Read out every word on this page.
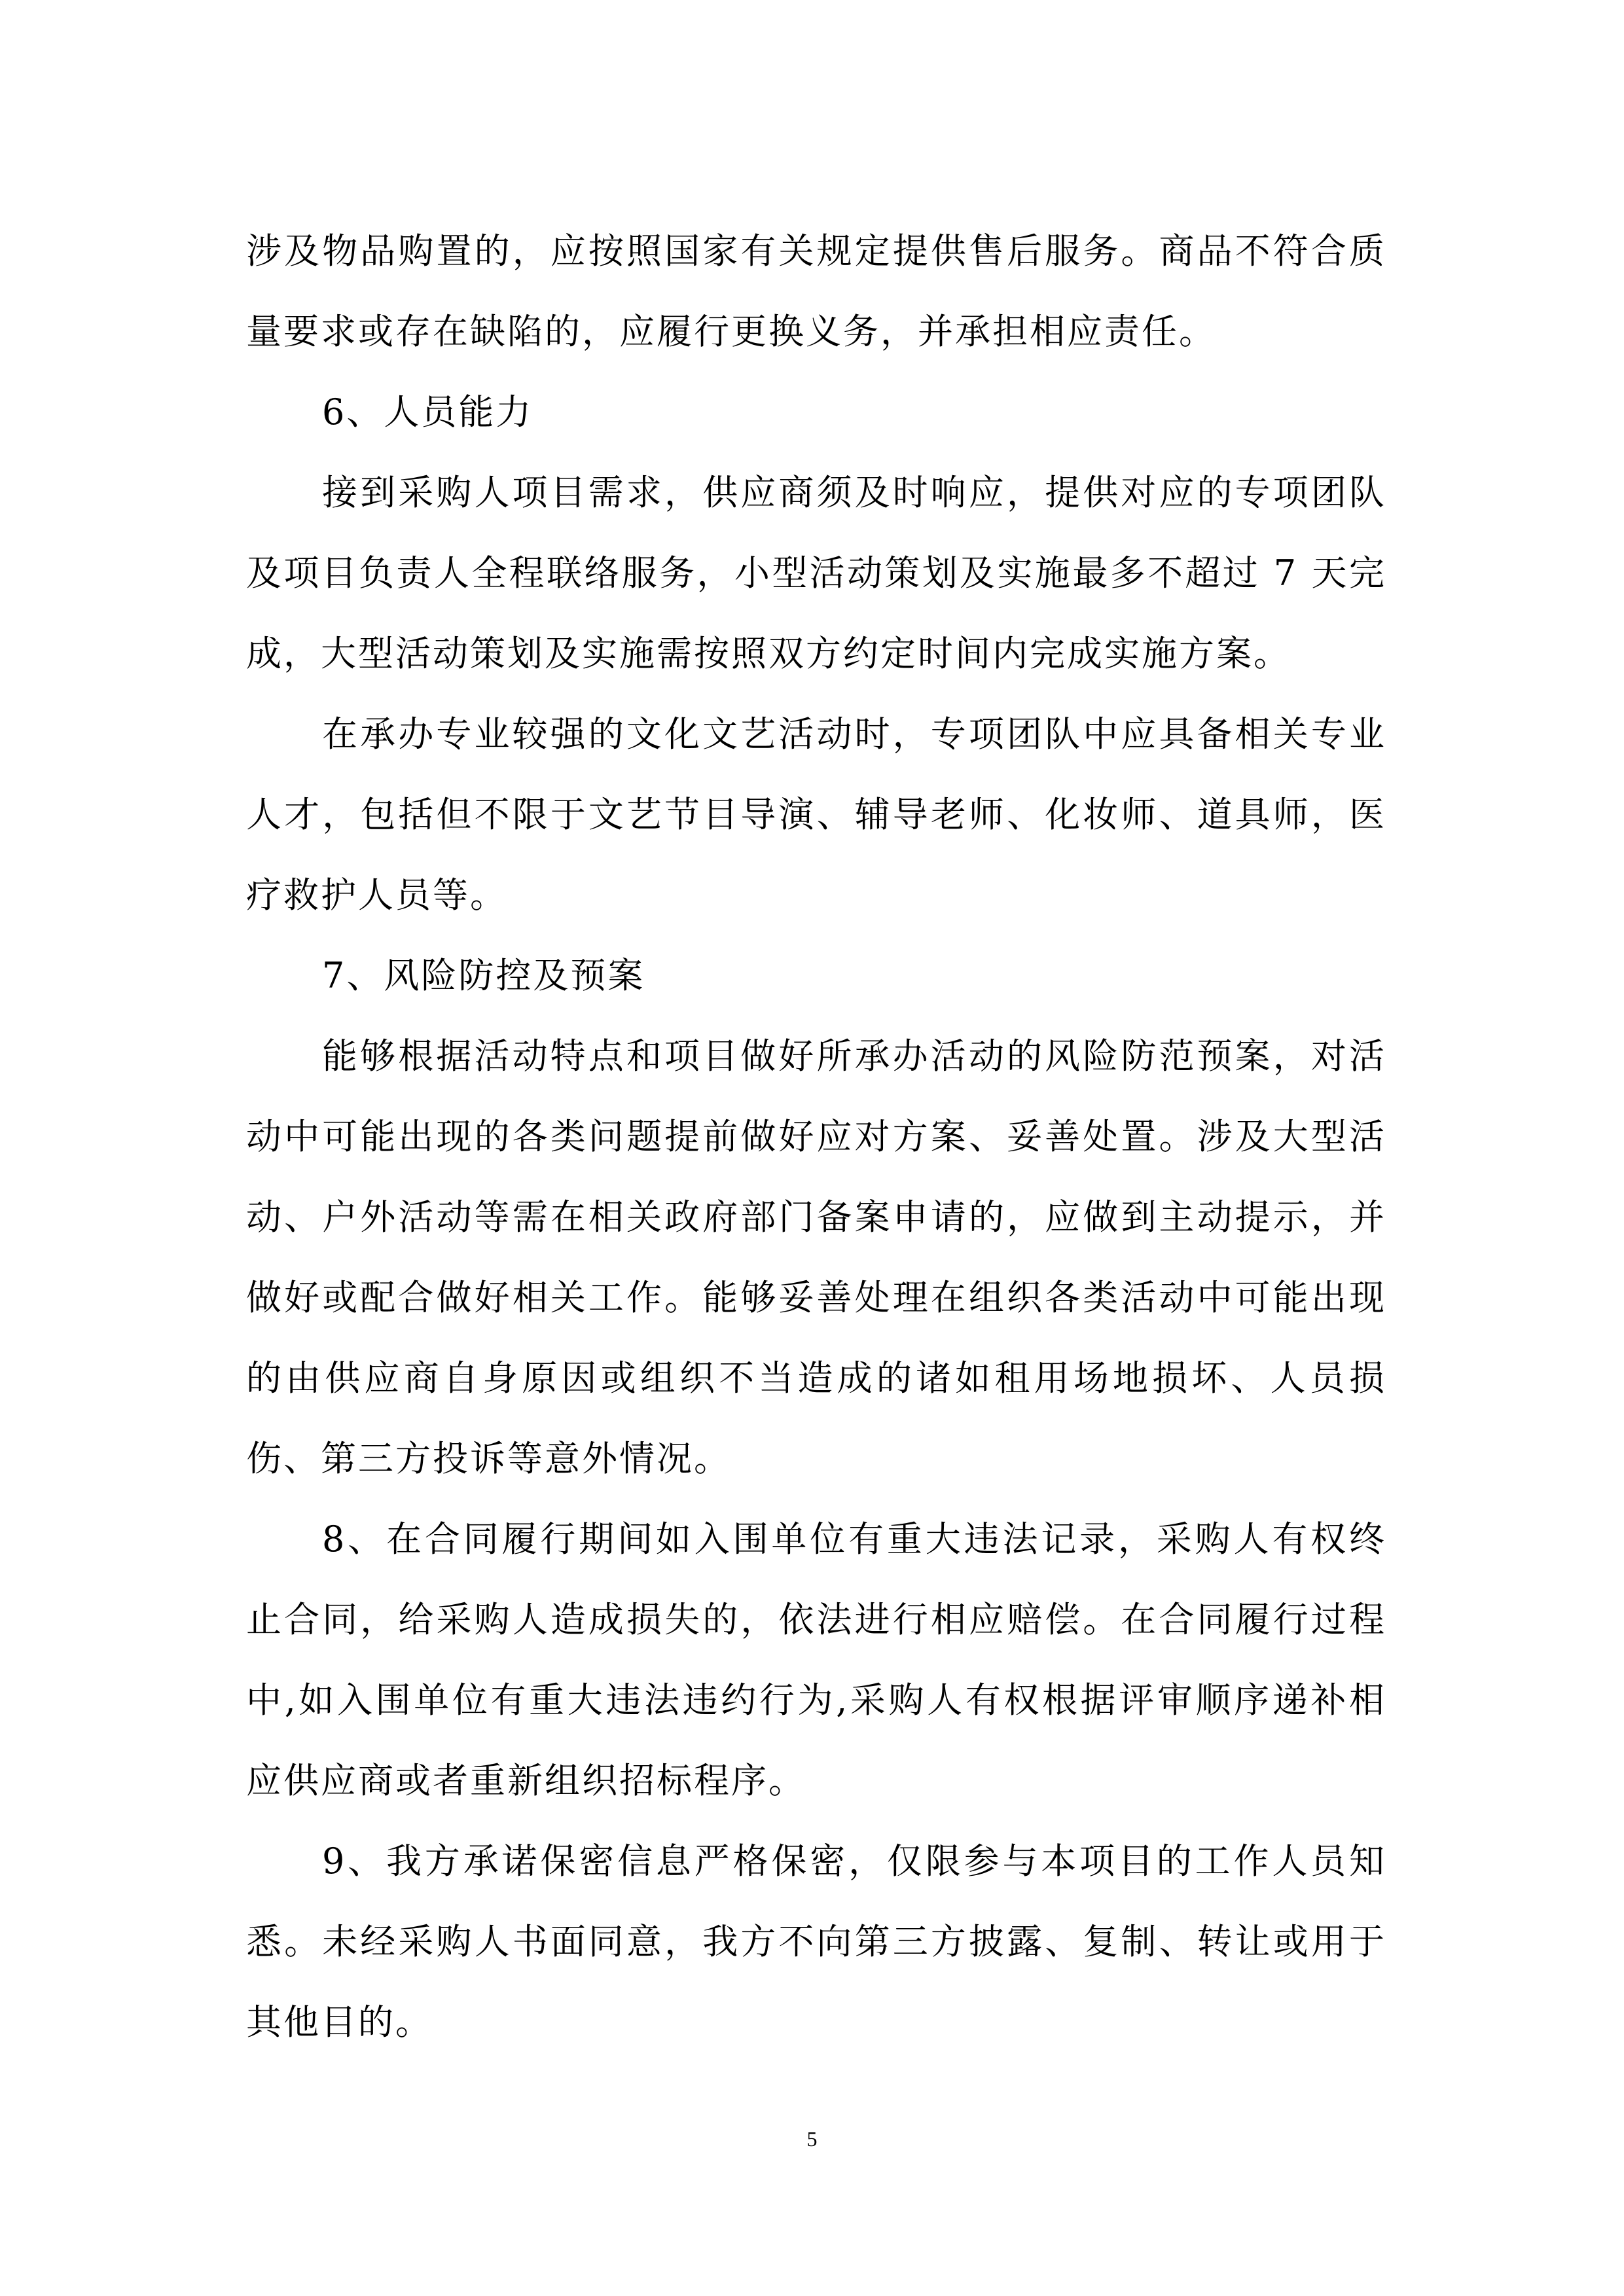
涉及物品购置的，应按照国家有关规定提供售后服务。商品不符合质量要求或存在缺陷的，应履行更换义务，并承担相应责任。

6、人员能力

接到采购人项目需求，供应商须及时响应，提供对应的专项团队及项目负责人全程联络服务，小型活动策划及实施最多不超过 7 天完成，大型活动策划及实施需按照双方约定时间内完成实施方案。

在承办专业较强的文化文艺活动时，专项团队中应具备相关专业人才，包括但不限于文艺节目导演、辅导老师、化妆师、道具师，医疗救护人员等。

7、风险防控及预案

能够根据活动特点和项目做好所承办活动的风险防范预案，对活动中可能出现的各类问题提前做好应对方案、妥善处置。涉及大型活动、户外活动等需在相关政府部门备案申请的，应做到主动提示，并做好或配合做好相关工作。能够妥善处理在组织各类活动中可能出现的由供应商自身原因或组织不当造成的诸如租用场地损坏、人员损伤、第三方投诉等意外情况。

8、在合同履行期间如入围单位有重大违法记录，采购人有权终止合同，给采购人造成损失的，依法进行相应赔偿。在合同履行过程中,如入围单位有重大违法违约行为,采购人有权根据评审顺序递补相应供应商或者重新组织招标程序。

9、我方承诺保密信息严格保密，仅限参与本项目的工作人员知悉。未经采购人书面同意，我方不向第三方披露、复制、转让或用于其他目的。

5
